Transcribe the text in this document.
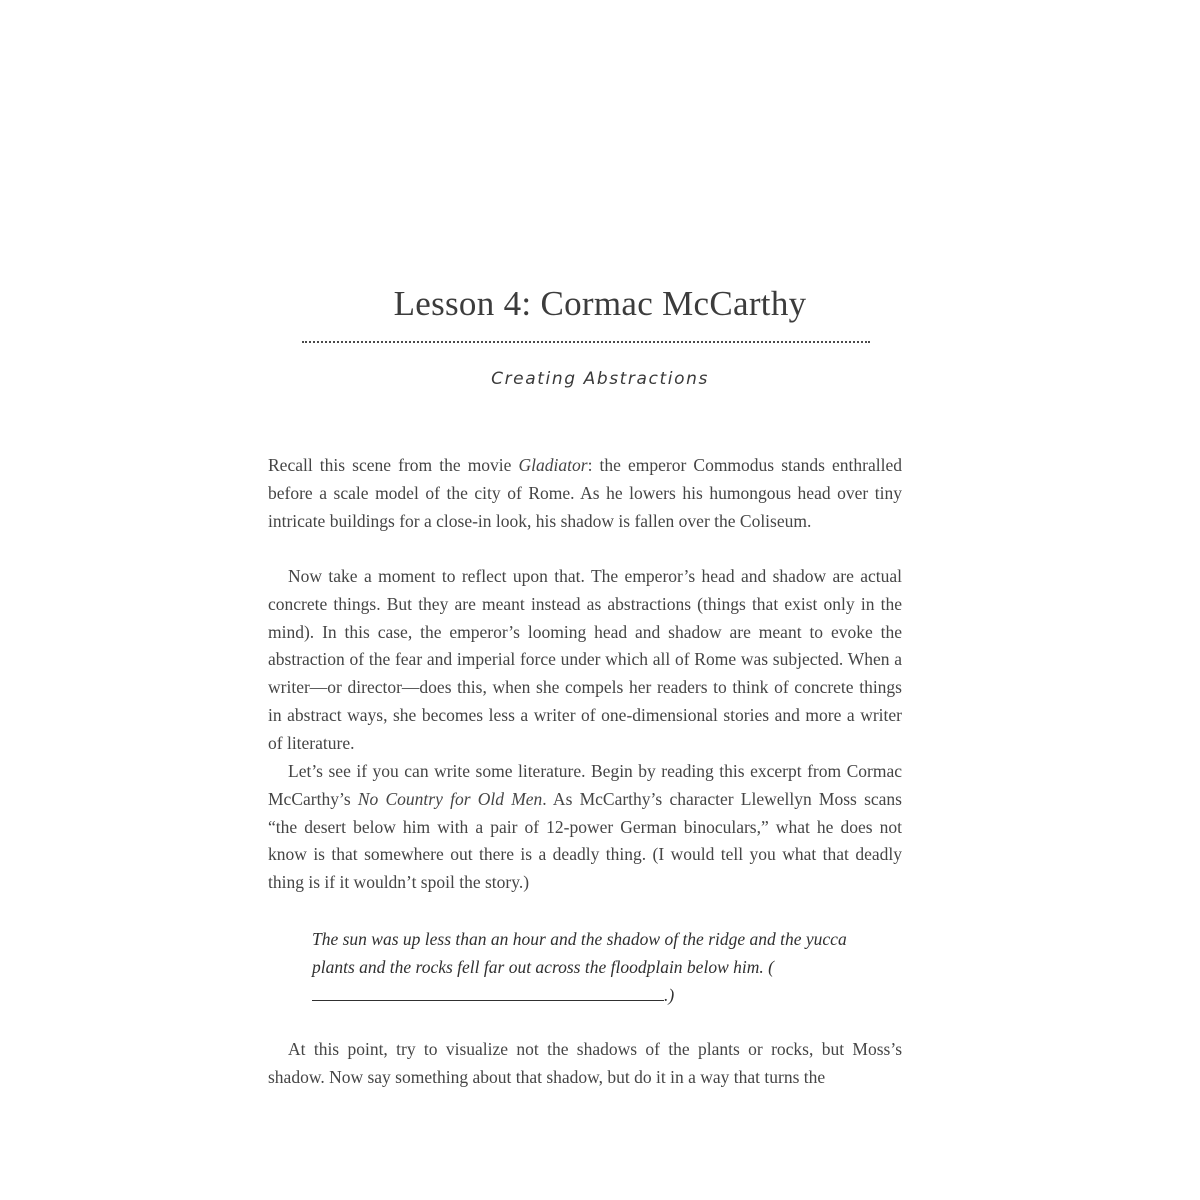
Lesson 4: Cormac McCarthy

Creating Abstractions

Recall this scene from the movie Gladiator: the emperor Commodus stands enthralled before a scale model of the city of Rome. As he lowers his humongous head over tiny intricate buildings for a close-in look, his shadow is fallen over the Coliseum.

Now take a moment to reflect upon that. The emperor’s head and shadow are actual concrete things. But they are meant instead as abstractions (things that exist only in the mind). In this case, the emperor’s looming head and shadow are meant to evoke the abstraction of the fear and imperial force under which all of Rome was subjected. When a writer—or director—does this, when she compels her readers to think of concrete things in abstract ways, she becomes less a writer of one-dimensional stories and more a writer of literature.

Let’s see if you can write some literature. Begin by reading this excerpt from Cormac McCarthy’s No Country for Old Men. As McCarthy’s character Llewellyn Moss scans “the desert below him with a pair of 12-power German binoculars,” what he does not know is that somewhere out there is a deadly thing. (I would tell you what that deadly thing is if it wouldn’t spoil the story.)

The sun was up less than an hour and the shadow of the ridge and the yucca plants and the rocks fell far out across the floodplain below him. (.)

At this point, try to visualize not the shadows of the plants or rocks, but Moss’s shadow. Now say something about that shadow, but do it in a way that turns the
